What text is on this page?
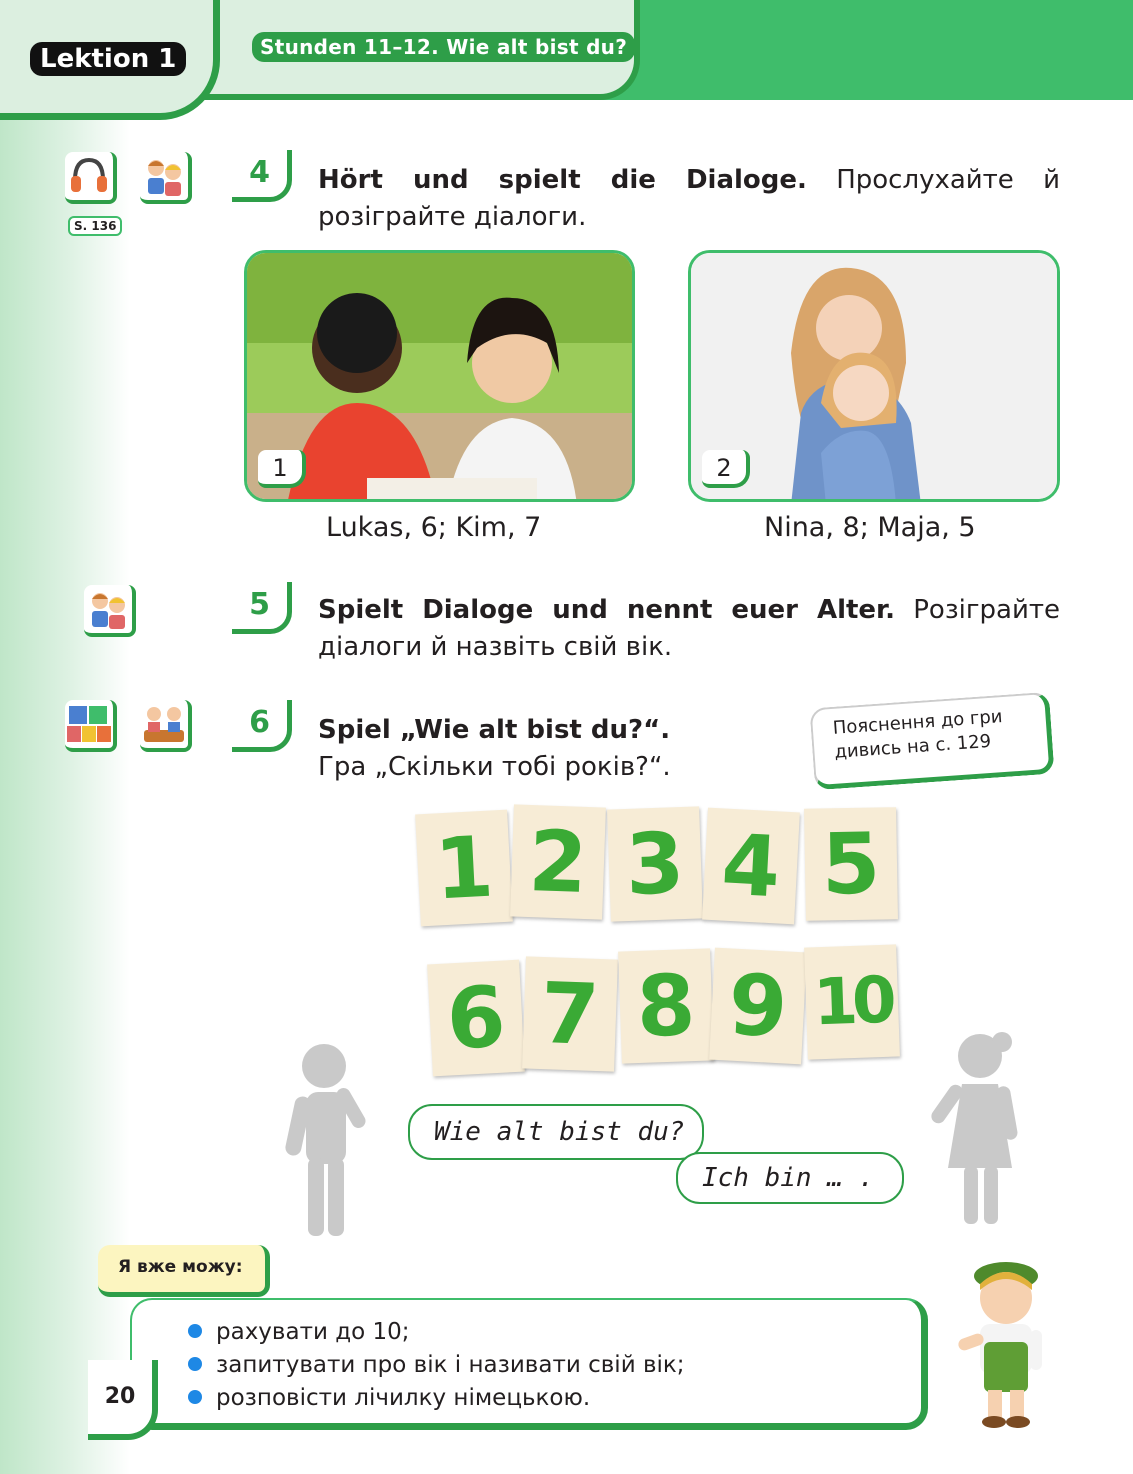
Lektion 1	Stunden 11–12. Wie alt bist du?
S. 136
4	Hört und spielt die Dialoge. Прослухайте й розіграйте діалоги.
1
Lukas, 6; Kim, 7
2
Nina, 8; Maja, 5
5	Spielt Dialoge und nennt euer Alter. Розіграйте діалоги й назвіть свій вік.
6	Spiel „Wie alt bist du?“.
Гра „Скільки тобі років?“.
Пояснення до гри
дивись на с. 129
1 2 3 4 5
6 7 8 9 10
Wie alt bist du?
Ich bin … .
рахувати до 10;
запитувати про вік і називати свій вік;
розповісти лічилку німецькою.
Я вже можу:
20
